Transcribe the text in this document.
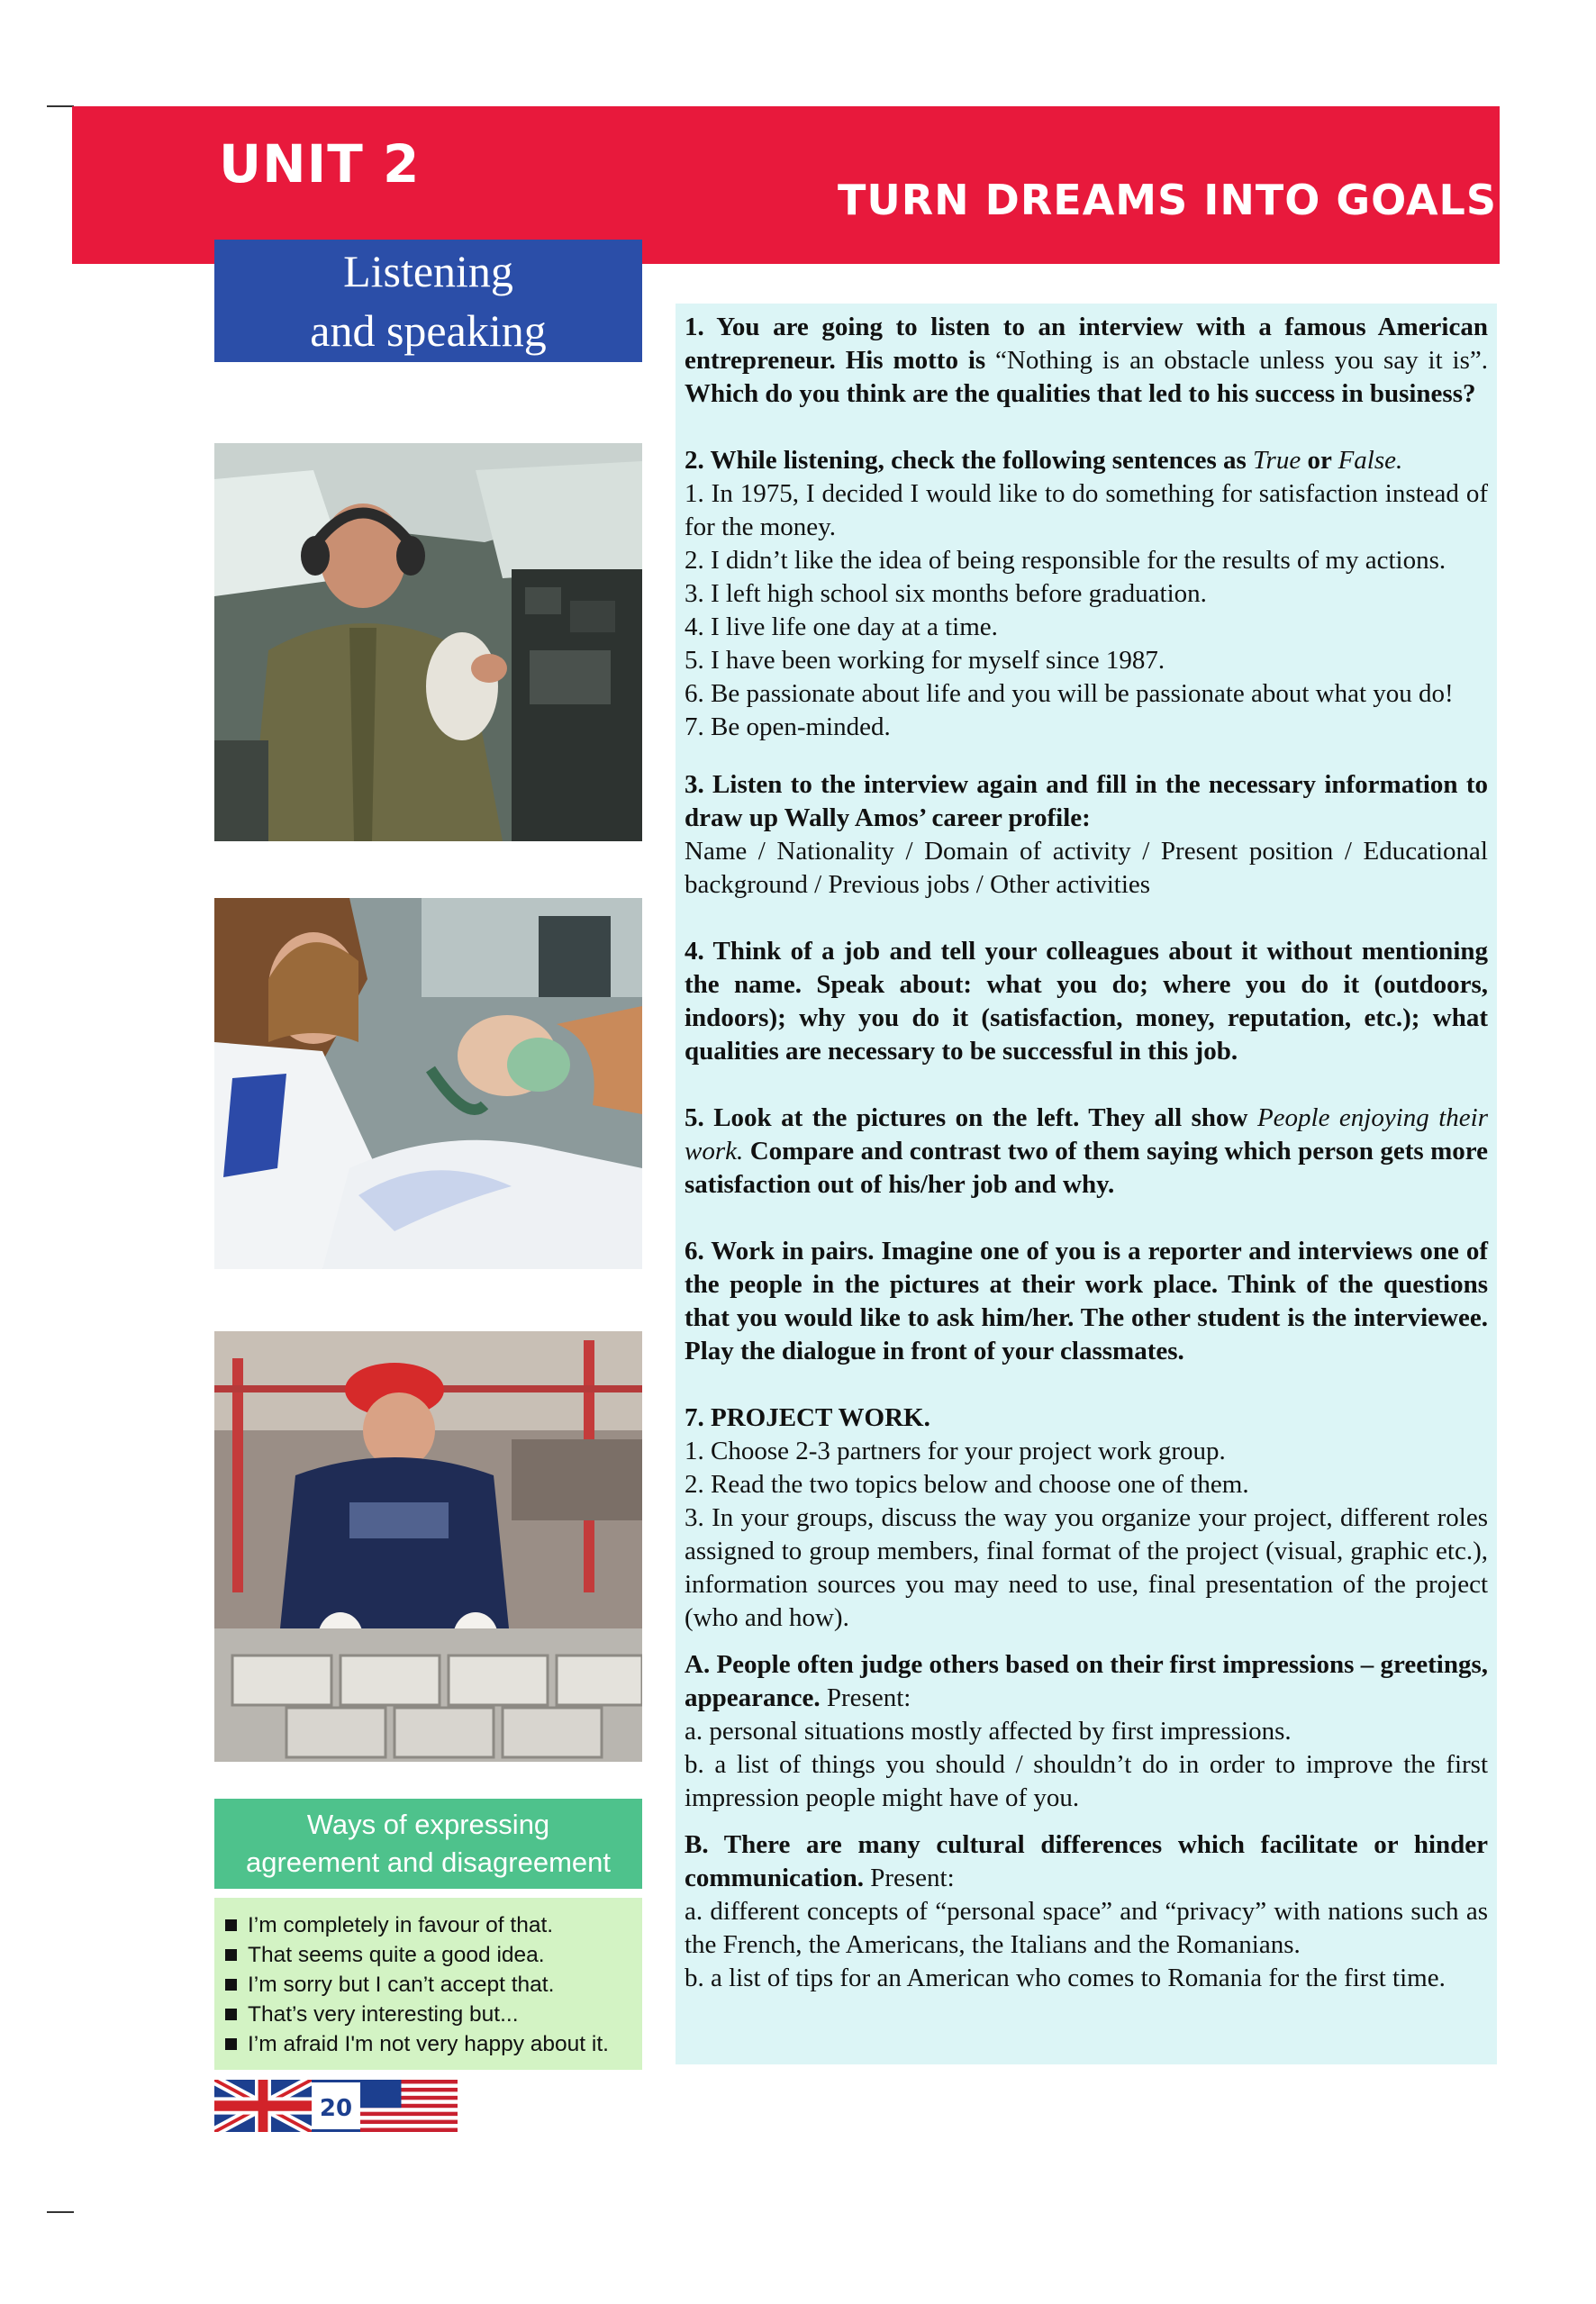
UNIT 2
TURN DREAMS INTO GOALS
Listening
and speaking
Ways of expressing
agreement and disagreement
I’m completely in favour of that.
That seems quite a good idea.
I’m sorry but I can’t accept that.
That’s very interesting but...
I’m afraid I'm not very happy about it.
20

1. You are going to listen to an interview with a famous American entrepreneur. His motto is “Nothing is an obstacle unless you say it is”. Which do you think are the qualities that led to his success in business?

2. While listening, check the following sentences as True or False.

1. In 1975, I decided I would like to do something for satisfaction instead of for the money.

2. I didn’t like the idea of being responsible for the results of my actions.

3. I left high school six months before graduation.

4. I live life one day at a time.

5. I have been working for myself since 1987.

6. Be passionate about life and you will be passionate about what you do!

7. Be open-minded.

3. Listen to the interview again and fill in the necessary information to draw up Wally Amos’ career profile:

Name / Nationality / Domain of activity / Present position / Educational background / Previous jobs / Other activities

4. Think of a job and tell your colleagues about it without mentioning the name. Speak about: what you do; where you do it (outdoors, indoors); why you do it (satisfaction, money, reputation, etc.); what qualities are necessary to be successful in this job.

5. Look at the pictures on the left. They all show People enjoying their work. Compare and contrast two of them saying which person gets more satisfaction out of his/her job and why.

6. Work in pairs. Imagine one of you is a reporter and interviews one of the people in the pictures at their work place. Think of the questions that you would like to ask him/her. The other student is the interviewee. Play the dialogue in front of your classmates.

7. PROJECT WORK.

1. Choose 2-3 partners for your project work group.

2. Read the two topics below and choose one of them.

3. In your groups, discuss the way you organize your project, different roles assigned to group members, final format of the project (visual, graphic etc.), information sources you may need to use, final presentation of the project (who and how).

A. People often judge others based on their first impressions – greetings, appearance. Present:

a. personal situations mostly affected by first impressions.

b. a list of things you should / shouldn’t do in order to improve the first impression people might have of you.

B. There are many cultural differences which facilitate or hinder communication. Present:

a. different concepts of “personal space” and “privacy” with nations such as the French, the Americans, the Italians and the Romanians.

b. a list of tips for an American who comes to Romania for the first time.
